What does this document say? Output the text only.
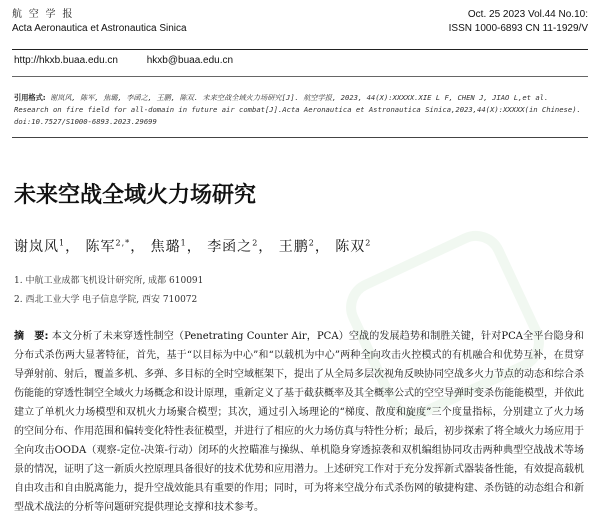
航 空 学 报
Acta Aeronautica et Astronautica Sinica
Oct. 25 2023 Vol.44 No.10:
ISSN 1000-6893 CN 11-1929/V
http://hkxb.buaa.edu.cn	hkxb@buaa.edu.cn
引用格式: 谢岚风, 陈军, 焦璐, 李函之, 王鹏, 陈双. 未来空战全域火力场研究[J]. 航空学报, 2023, 44(X):XXXXX.XIE L F, CHEN J, JIAO L,et al. Research on fire field for all-domain in future air combat[J].Acta Aeronautica et Astronautica Sinica,2023,44(X):XXXXX(in Chinese). doi:10.7527/S1000-6893.2023.29699
未来空战全域火力场研究
谢岚风$^1$， 陈军$^{2,*}$， 焦璐$^1$， 李函之$^2$， 王鹏$^2$， 陈双$^2$
1. 中航工业成都飞机设计研究所, 成都 610091
2. 西北工业大学 电子信息学院, 西安 710072
摘　要: 本文分析了未来穿透性制空（Penetrating Counter Air，PCA）空战的发展趋势和制胜关键，针对PCA全平台隐身和分布式杀伤两大显著特征，首先，基于“以目标为中心”和“以载机为中心”两种全向攻击火控模式的有机融合和优势互补，在贯穿导弹射前、射后，覆盖多机、多弹、多目标的全时空域框架下，提出了从全局多层次视角反映协同空战多火力节点的动态和综合杀伤能能的穿透性制空全域火力场概念和设计原理，重新定义了基于截获概率及其全概率公式的空空导弹时变杀伤能能模型，并依此建立了单机火力场模型和双机火力场聚合模型；其次，通过引入场理论的“梯度、散度和旋度”三个度量指标，分别建立了火力场的空间分布、作用范围和偏转变化特性表征模型，并进行了相应的火力场仿真与特性分析；最后，初步探索了将全域火力场应用于全向攻击OODA（观察-定位-决策-行动）闭环的火控瞄准与操纵、单机隐身穿透掠袭和双机编组协同攻击两种典型空战战术等场景的情况，证明了这一新质火控原理具备很好的技术优势和应用潜力。上述研究工作对于充分发挥新式器装备性能，有效提高载机自由攻击和自由脱离能力，提升空战效能具有重要的作用；同时，可为将来空战分布式杀伤网的敏捷构建、杀伤链的动态组合和新型战术战法的分析等问题研究提供理论支撑和技术参考。
